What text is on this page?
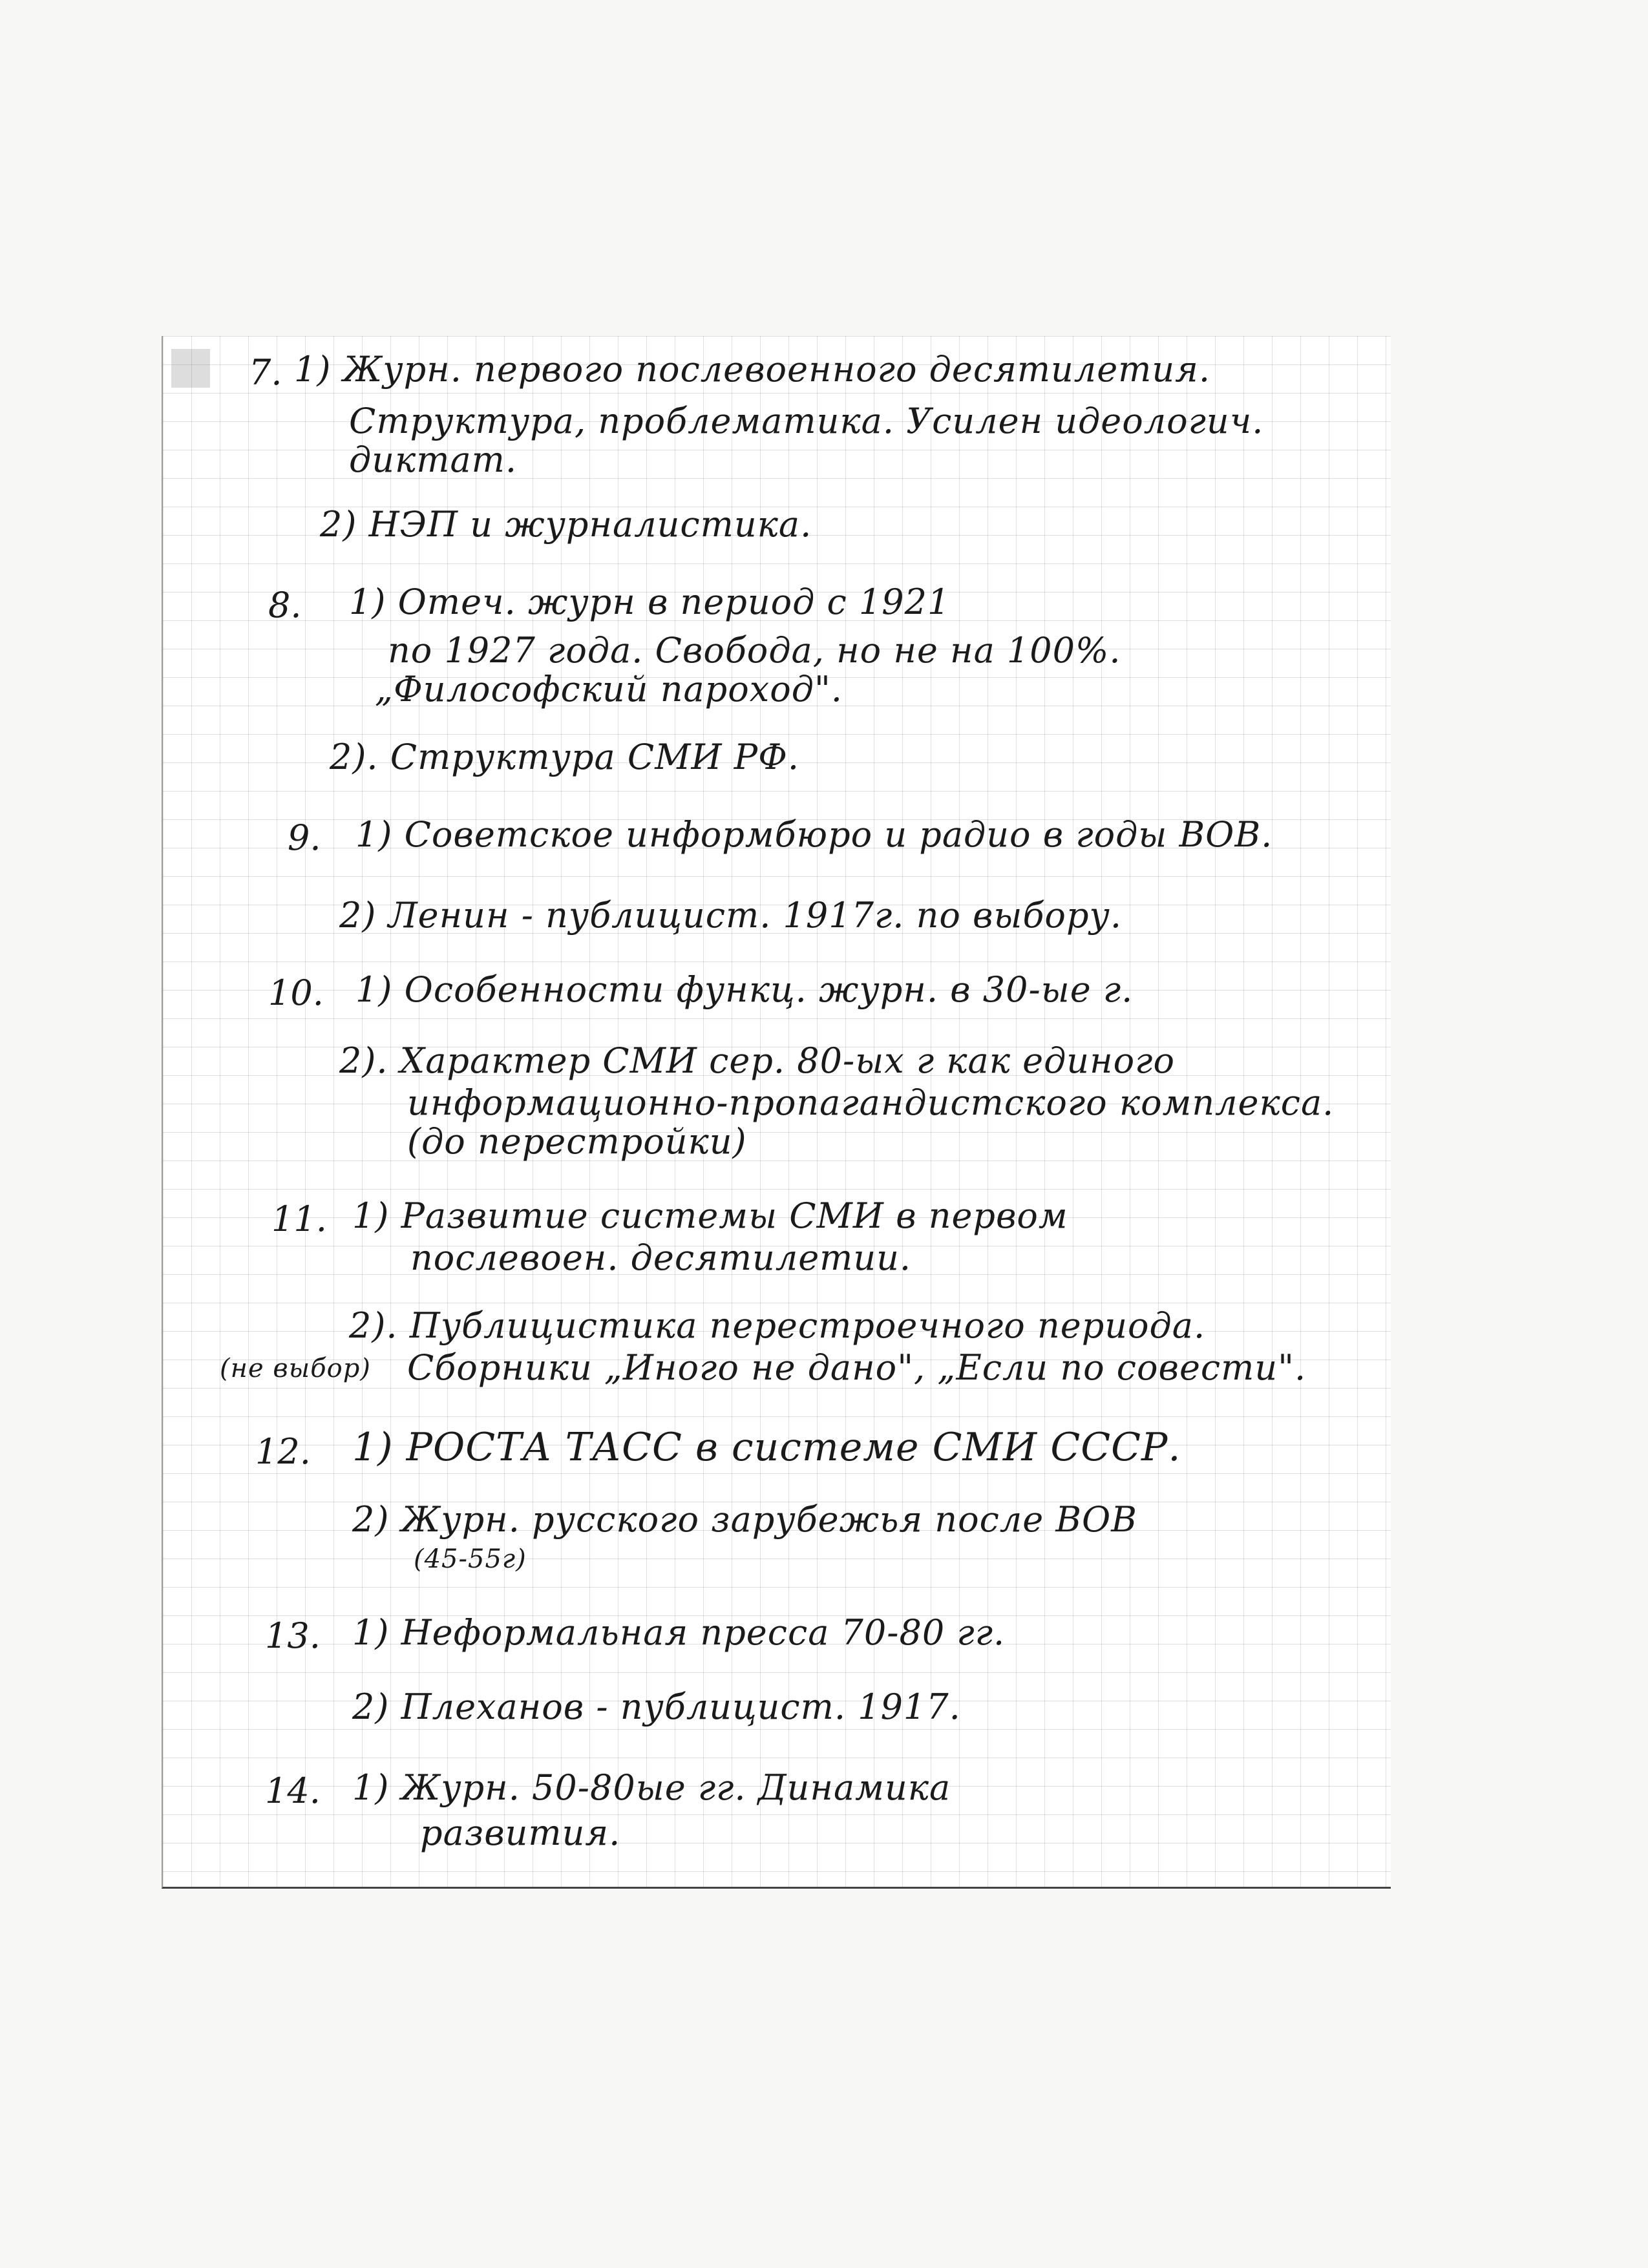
7. 1) Журн. первого послевоенного десятилетия.
Структура, проблематика. Усилен идеологич.
диктат.
2) НЭП и журналистика.
8. 1) Отеч. журн в период с 1921
по 1927 года. Свобода, но не на 100%.
„Философский пароход".
2). Структура СМИ РФ.
9. 1) Советское информбюро и радио в годы ВОВ.
2) Ленин - публицист. 1917г. по выбору.
10. 1) Особенности функц. журн. в 30-ые г.
2). Характер СМИ сер. 80-ых г как единого
информационно-пропагандистского комплекса.
(до перестройки)
11. 1) Развитие системы СМИ в первом
послевоен. десятилетии.
(не выбор)
2). Публицистика перестроечного периода.
Сборники „Иного не дано", „Если по совести".
12. 1) РОСТА ТАСС в системе СМИ СССР.
2) Журн. русского зарубежья после ВОВ
(45-55г)
13. 1) Неформальная пресса 70-80 гг.
2) Плеханов - публицист. 1917.
14. 1) Журн. 50-80ые гг. Динамика
развития.
